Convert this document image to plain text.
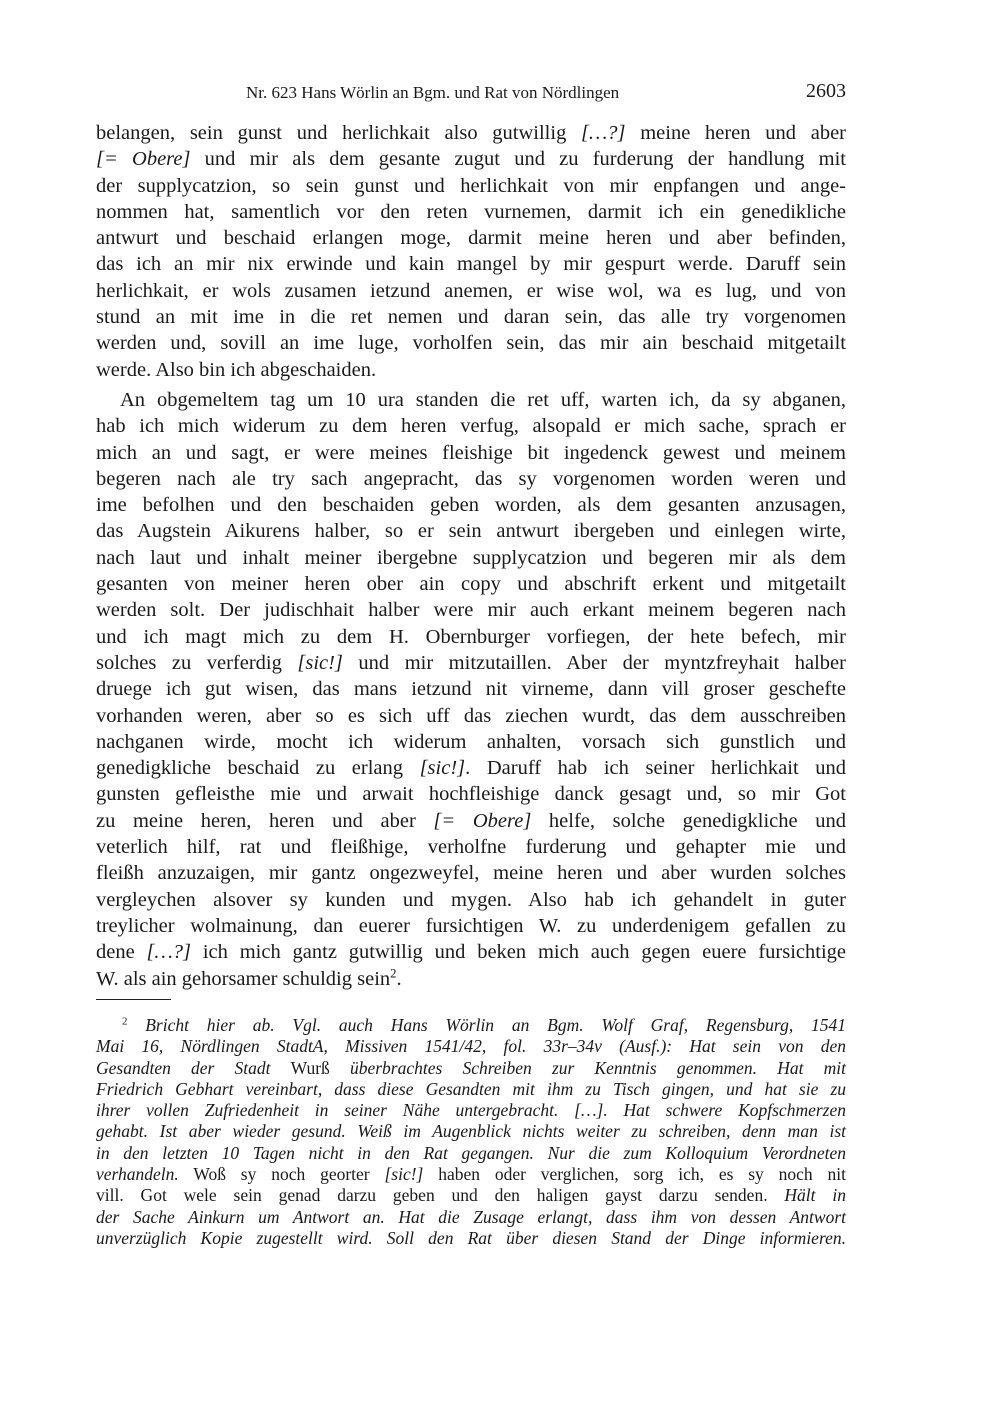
Nr. 623 Hans Wörlin an Bgm. und Rat von Nördlingen	2603
belangen, sein gunst und herlichkait also gutwillig […?] meine heren und aber
[= Obere] und mir als dem gesante zugut und zu furderung der handlung mit
der supplycatzion, so sein gunst und herlichkait von mir enpfangen und ange-
nommen hat, samentlich vor den reten vurnemen, darmit ich ein genedikliche
antwurt und beschaid erlangen moge, darmit meine heren und aber befinden,
das ich an mir nix erwinde und kain mangel by mir gespurt werde. Daruff sein
herlichkait, er wols zusamen ietzund anemen, er wise wol, wa es lug, und von
stund an mit ime in die ret nemen und daran sein, das alle try vorgenomen
werden und, sovill an ime luge, vorholfen sein, das mir ain beschaid mitgetailt
werde. Also bin ich abgeschaiden.
An obgemeltem tag um 10 ura standen die ret uff, warten ich, da sy abganen,
hab ich mich widerum zu dem heren verfug, alsopald er mich sache, sprach er
mich an und sagt, er were meines fleishige bit ingedenck gewest und meinem
begeren nach ale try sach angepracht, das sy vorgenomen worden weren und
ime befolhen und den beschaiden geben worden, als dem gesanten anzusagen,
das Augstein Aikurens halber, so er sein antwurt ibergeben und einlegen wirte,
nach laut und inhalt meiner ibergebne supplycatzion und begeren mir als dem
gesanten von meiner heren ober ain copy und abschrift erkent und mitgetailt
werden solt. Der judischhait halber were mir auch erkant meinem begeren nach
und ich magt mich zu dem H. Obernburger vorfiegen, der hete befech, mir
solches zu verferdig [sic!] und mir mitzutaillen. Aber der myntzfreyhait halber
druege ich gut wisen, das mans ietzund nit virneme, dann vill groser geschefte
vorhanden weren, aber so es sich uff das ziechen wurdt, das dem ausschreiben
nachganen wirde, mocht ich widerum anhalten, vorsach sich gunstlich und
genedigkliche beschaid zu erlang [sic!]. Daruff hab ich seiner herlichkait und
gunsten gefleisthe mie und arwait hochfleishige danck gesagt und, so mir Got
zu meine heren, heren und aber [= Obere] helfe, solche genedigkliche und
veterlich hilf, rat und fleißhige, verholfne furderung und gehapter mie und
fleißh anzuzaigen, mir gantz ongezweyfel, meine heren und aber wurden solches
vergleychen alsover sy kunden und mygen. Also hab ich gehandelt in guter
treylicher wolmainung, dan euerer fursichtigen W. zu underdenigem gefallen zu
dene […?] ich mich gantz gutwillig und beken mich auch gegen euere fursichtige
W. als ain gehorsamer schuldig sein$^2$.
$^2$ Bricht hier ab. Vgl. auch Hans Wörlin an Bgm. Wolf Graf, Regensburg, 1541
Mai 16, Nördlingen StadtA, Missiven 1541/42, fol. 33r–34v (Ausf.): Hat sein von den
Gesandten der Stadt Wurß überbrachtes Schreiben zur Kenntnis genommen. Hat mit
Friedrich Gebhart vereinbart, dass diese Gesandten mit ihm zu Tisch gingen, und hat sie zu
ihrer vollen Zufriedenheit in seiner Nähe untergebracht. […]. Hat schwere Kopfschmerzen
gehabt. Ist aber wieder gesund. Weiß im Augenblick nichts weiter zu schreiben, denn man ist
in den letzten 10 Tagen nicht in den Rat gegangen. Nur die zum Kolloquium Verordneten
verhandeln. Woß sy noch georter [sic!] haben oder verglichen, sorg ich, es sy noch nit
vill. Got wele sein genad darzu geben und den haligen gayst darzu senden. Hält in
der Sache Ainkurn um Antwort an. Hat die Zusage erlangt, dass ihm von dessen Antwort
unverzüglich Kopie zugestellt wird. Soll den Rat über diesen Stand der Dinge informieren.
